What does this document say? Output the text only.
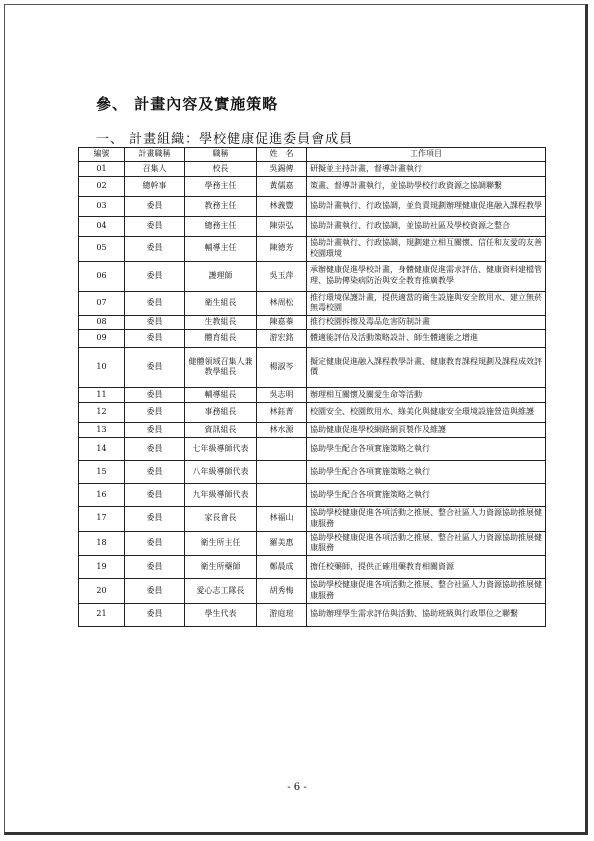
參、 計畫內容及實施策略
一、 計畫組織：學校健康促進委員會成員
編號	計畫職稱	職稱	姓　名	工作項目
01	召集人	校長	吳錫傳	研擬並主持計畫，督導計畫執行
02	總幹事	學務主任	黃儒嘉	策畫、督導計畫執行，並協助學校行政資源之協調聯繫
03	委員	教務主任	林義豐	協助計畫執行、行政協調，並負責規劃辦理健康促進融入課程教學
04	委員	總務主任	陳崇弘	協助計畫執行、行政協調，並協助社區及學校資源之整合
05	委員	輔導主任	陳德芳	協助計畫執行、行政協調，規劃建立相互關懷、信任和友愛的友善校園環境
06	委員	護理師	吳玉萍	承辦健康促進學校計畫，身體健康促進需求評估、健康資料建檔管理、協助傳染病防治與安全教育推廣教學
07	委員	衛生組長	林周松	推行環境保護計畫，提供適當的衛生設施與安全飲用水、建立無菸無毒校園
08	委員	生教組長	陳嘉蓁	推行校園拆擦及毒品危害防制計畫
09	委員	體育組長	游宏銘	體適能評估及活動策略設計、師生體適能之增進
10	委員	健體領域召集人兼教學組長	楊淑芩	擬定健康促進融入課程教學計畫、健康教育課程規劃及課程成效評價
11	委員	輔導組長	吳志明	辦理相互關懷及關愛生命等活動
12	委員	事務組長	林鈺菁	校園安全、校園飲用水、綠美化與健康安全環境設施營造與維護
13	委員	資訊組長	林水源	協助健康促進學校網路網頁製作及維護
14	委員	七年級導師代表		協助學生配合各項實施策略之執行
15	委員	八年級導師代表		協助學生配合各項實施策略之執行
16	委員	九年級導師代表		協助學生配合各項實施策略之執行
17	委員	家長會長	林福山	協助學校健康促進各項活動之推展、整合社區人力資源協助推展健康服務
18	委員	衛生所主任	羅美惠	協助學校健康促進各項活動之推展、整合社區人力資源協助推展健康服務
19	委員	衛生所藥師	鄭晨成	擔任校藥師，提供正確用藥教育相關資源
20	委員	愛心志工隊長	胡秀梅	協助學校健康促進各項活動之推展、整合社區人力資源協助推展健康服務
21	委員	學生代表	游庭瑄	協助辦理學生需求評估與活動、協助班級與行政單位之聯繫
- 6 -
